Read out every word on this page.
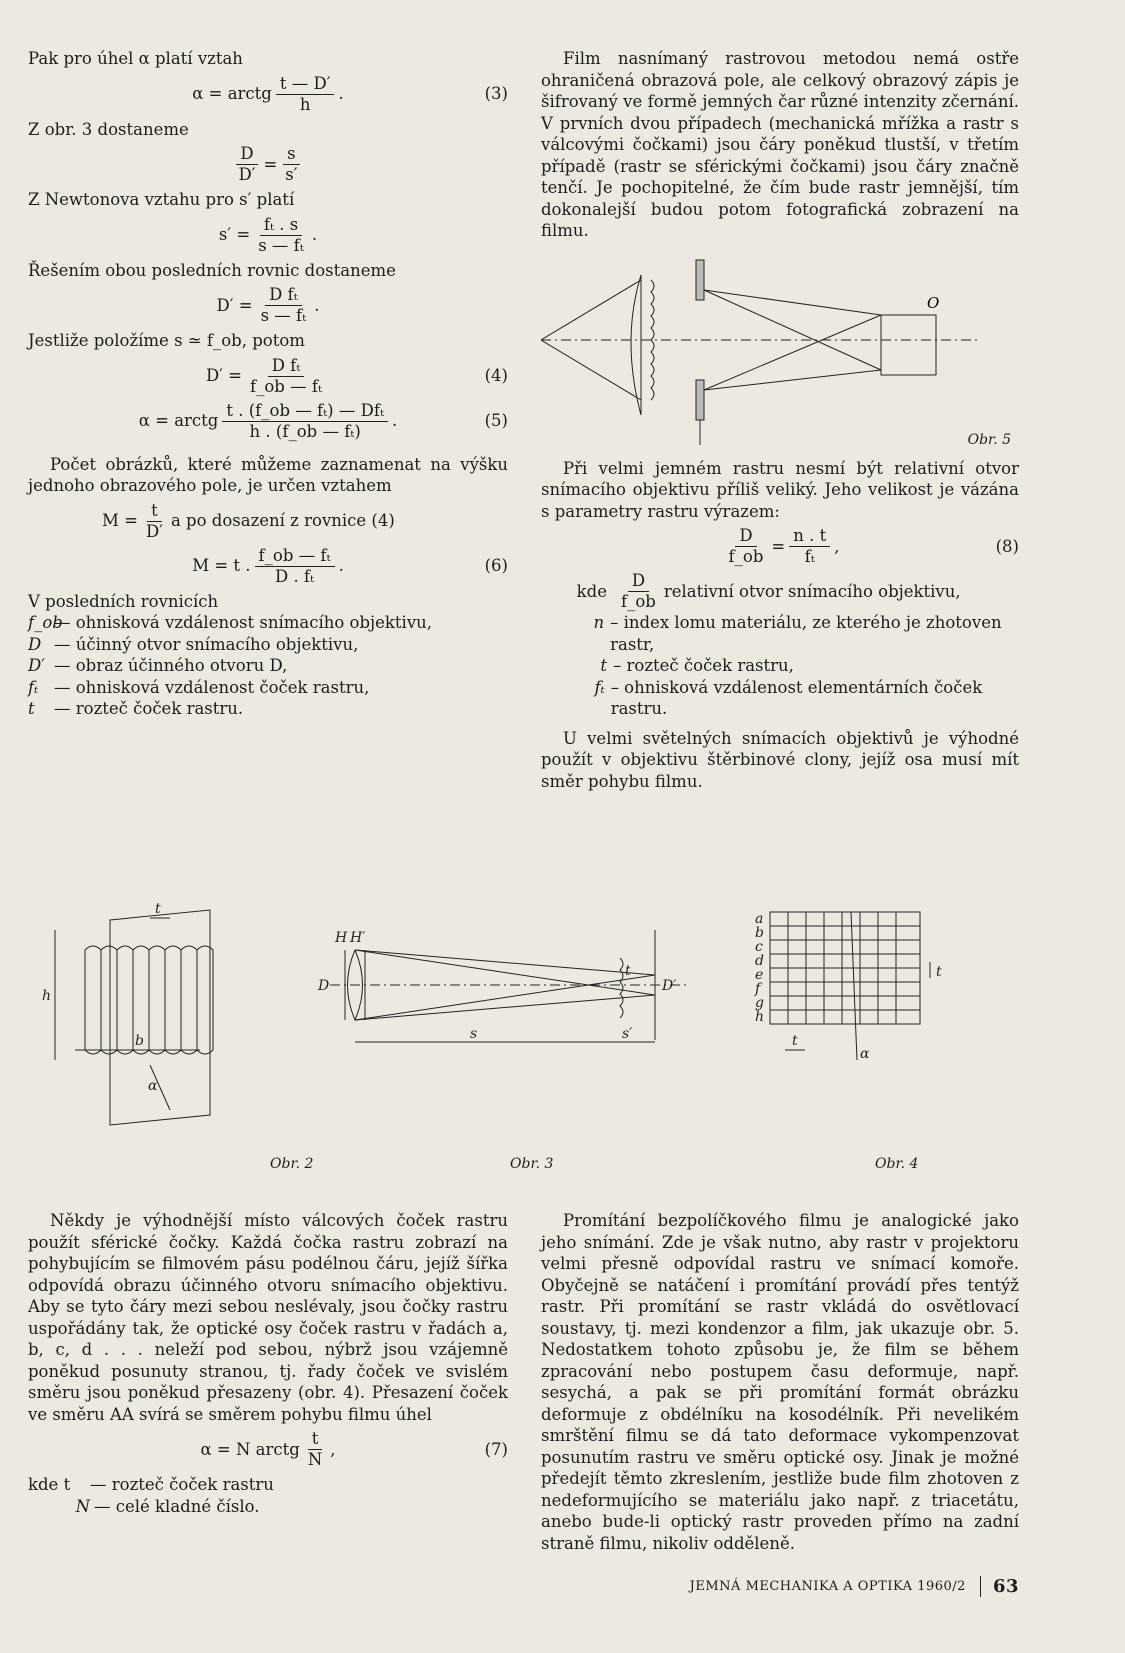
Pak pro úhel α platí vztah

α = arctg $\frac{t — D'}{h}$ .	(3)

Z obr. 3 dostaneme

$\frac{D}{D'} = \frac{s}{s'}$

Z Newtonova vztahu pro s′ platí

$s' = \frac{\text{fₜ . s}}{\text{s — fₜ}}$ .

Řešením obou posledních rovnic dostaneme

$D' = \frac{\text{D fₜ}}{\text{s — fₜ}}$ .

Jestliže položíme s ≃ f_ob, potom

$D' = \frac{\text{D fₜ}}{\text{f\_ob — fₜ}}$	(4)
α = arctg $\frac{\text{t . (f\_ob — fₜ) — Dfₜ}}{\text{h . (f\_ob — fₜ)}}$ .	(5)

Počet obrázků, které můžeme zaznamenat na výšku jednoho obrazového pole, je určen vztahem

$M = \frac{t}{D'}$ a po dosazení z rovnice (4)
M = t . $\frac{\text{f\_ob — fₜ}}{\text{D . fₜ}}$ .	(6)

V posledních rovnicích

f_ob
— ohnisková vzdálenost snímacího objektivu,
D — účinný otvor snímacího objektivu,
D′ — obraz účinného otvoru D,
fₜ — ohnisková vzdálenost čoček rastru,
t	— rozteč čoček rastru.

Film nasnímaný rastrovou metodou nemá ostře ohraničená obrazová pole, ale celkový obrazový zápis je šifrovaný ve formě jemných čar různé intenzity zčernání. V prvních dvou případech (mechanická mřížka a rastr s válcovými čočkami) jsou čáry poněkud tlustší, v třetím případě (rastr se sférickými čočkami) jsou čáry značně tenčí. Je pochopitelné, že čím bude rastr jemnější, tím dokonalejší budou potom fotografická zobrazení na filmu.

O
Obr. 5

Při velmi jemném rastru nesmí být relativní otvor snímacího objektivu příliš veliký. Jeho velikost je vázána s parametry rastru výrazem:

$\frac{D}{f\_ob} = \frac{n . t}{\text{fₜ}}$ ,	(8)
kde $\frac{D}{f\_ob}$ relativní otvor snímacího objektivu,
n – index lomu materiálu, ze kterého je zhotoven rastr,
t – rozteč čoček rastru,
fₜ – ohnisková vzdálenost elementárních čoček rastru.

U velmi světelných snímacích objektivů je výhodné použít v objektivu štěrbinové clony, jejíž osa musí mít směr pohybu filmu.

t
h
b
α
H H′
D
s	s′
t
D′
a
b
c
d
e
f
g
h
t
t
α
Obr. 2	Obr. 3	Obr. 4

Někdy je výhodnější místo válcových čoček rastru použít sférické čočky. Každá čočka rastru zobrazí na pohybujícím se filmovém pásu podélnou čáru, jejíž šířka odpovídá obrazu účinného otvoru snímacího objektivu. Aby se tyto čáry mezi sebou neslévaly, jsou čočky rastru uspořádány tak, že optické osy čoček rastru v řadách a, b, c, d . . . neleží pod sebou, nýbrž jsou vzájemně poněkud posunuty stranou, tj. řady čoček ve svislém směru jsou poněkud přesazeny (obr. 4). Přesazení čoček ve směru AA svírá se směrem pohybu filmu úhel

α = N arctg $\frac{t}{N}$ ,	(7)
kde t	— rozteč čoček rastru
N — celé kladné číslo.

Promítání bezpolíčkového filmu je analogické jako jeho snímání. Zde je však nutno, aby rastr v projektoru velmi přesně odpovídal rastru ve snímací komoře. Obyčejně se natáčení i promítání provádí přes tentýž rastr. Při promítání se rastr vkládá do osvětlovací soustavy, tj. mezi kondenzor a film, jak ukazuje obr. 5. Nedostatkem tohoto způsobu je, že film se během zpracování nebo postupem času deformuje, např. sesychá, a pak se při promítání formát obrázku deformuje z obdélníku na kosodélník. Při nevelikém smrštění filmu se dá tato deformace vykompenzovat posunutím rastru ve směru optické osy. Jinak je možné předejít těmto zkreslením, jestliže bude film zhotoven z nedeformujícího se materiálu jako např. z triacetátu, anebo bude-li optický rastr proveden přímo na zadní straně filmu, nikoliv odděleně.

JEMNÁ MECHANIKA A OPTIKA 1960/2	63
